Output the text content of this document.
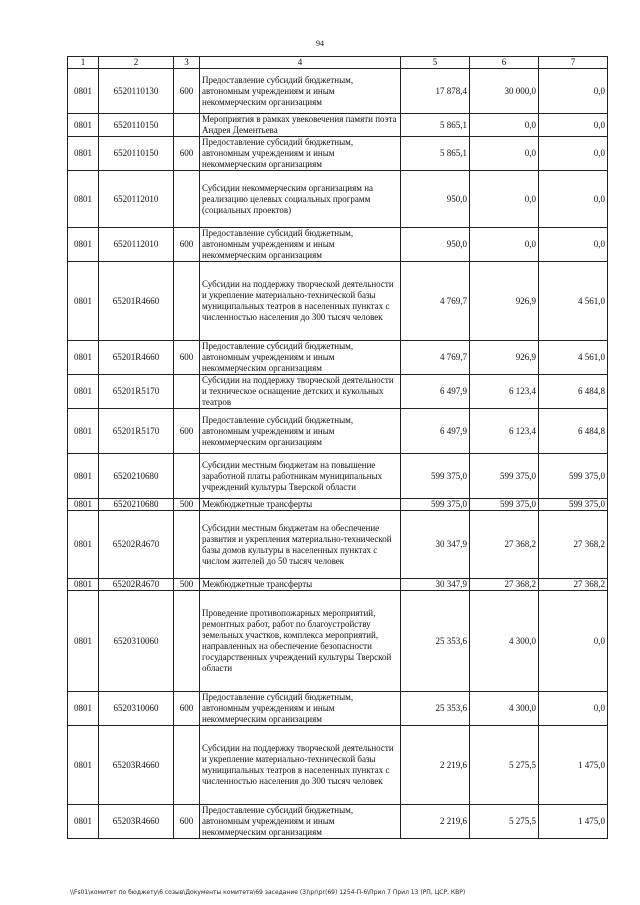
94
1	2	3	4	5	6	7
0801	6520110130	600	Предоставление субсидий бюджетным, автономным учреждениям и иным некоммерческим организациям	17 878,4	30 000,0	0,0
0801	6520110150		Мероприятия в рамках увековечения памяти поэта Андрея Дементьева	5 865,1	0,0	0,0
0801	6520110150	600	Предоставление субсидий бюджетным, автономным учреждениям и иным некоммерческим организациям	5 865,1	0,0	0,0
0801	6520112010		Субсидии некоммерческим организациям на реализацию целевых социальных программ (социальных проектов)	950,0	0,0	0,0
0801	6520112010	600	Предоставление субсидий бюджетным, автономным учреждениям и иным некоммерческим организациям	950,0	0,0	0,0
0801	65201R4660		Субсидии на поддержку творческой деятельности и укрепление материально-технической базы муниципальных театров в населенных пунктах с численностью населения до 300 тысяч человек	4 769,7	926,9	4 561,0
0801	65201R4660	600	Предоставление субсидий бюджетным, автономным учреждениям и иным некоммерческим организациям	4 769,7	926,9	4 561,0
0801	65201R5170		Субсидии на поддержку творческой деятельности и техническое оснащение детских и кукольных театров	6 497,9	6 123,4	6 484,8
0801	65201R5170	600	Предоставление субсидий бюджетным, автономным учреждениям и иным некоммерческим организациям	6 497,9	6 123,4	6 484,8
0801	6520210680		Субсидии местным бюджетам на повышение заработной платы работникам муниципальных учреждений культуры Тверской области	599 375,0	599 375,0	599 375,0
0801	6520210680	500	Межбюджетные трансферты	599 375,0	599 375,0	599 375,0
0801	65202R4670		Субсидии местным бюджетам на обеспечение развития и укрепления материально-технической базы домов культуры в населенных пунктах с числом жителей до 50 тысяч человек	30 347,9	27 368,2	27 368,2
0801	65202R4670	500	Межбюджетные трансферты	30 347,9	27 368,2	27 368,2
0801	6520310060		Проведение противопожарных мероприятий, ремонтных работ, работ по благоустройству земельных участков, комплекса мероприятий, направленных на обеспечение безопасности государственных учреждений культуры Тверской области	25 353,6	4 300,0	0,0
0801	6520310060	600	Предоставление субсидий бюджетным, автономным учреждениям и иным некоммерческим организациям	25 353,6	4 300,0	0,0
0801	65203R4660		Субсидии на поддержку творческой деятельности и укрепление материально-технической базы муниципальных театров в населенных пунктах с численностью населения до 300 тысяч человек	2 219,6	5 275,5	1 475,0
0801	65203R4660	600	Предоставление субсидий бюджетным, автономным учреждениям и иным некоммерческим организациям	2 219,6	5 275,5	1 475,0
\\Fs01\комитет по бюджету\6 созыв\Документы комитета\69 заседание (3)\pr\pr(69) 1254-П-6\Прил 7 Прил 13 (РП, ЦСР, КВР)
